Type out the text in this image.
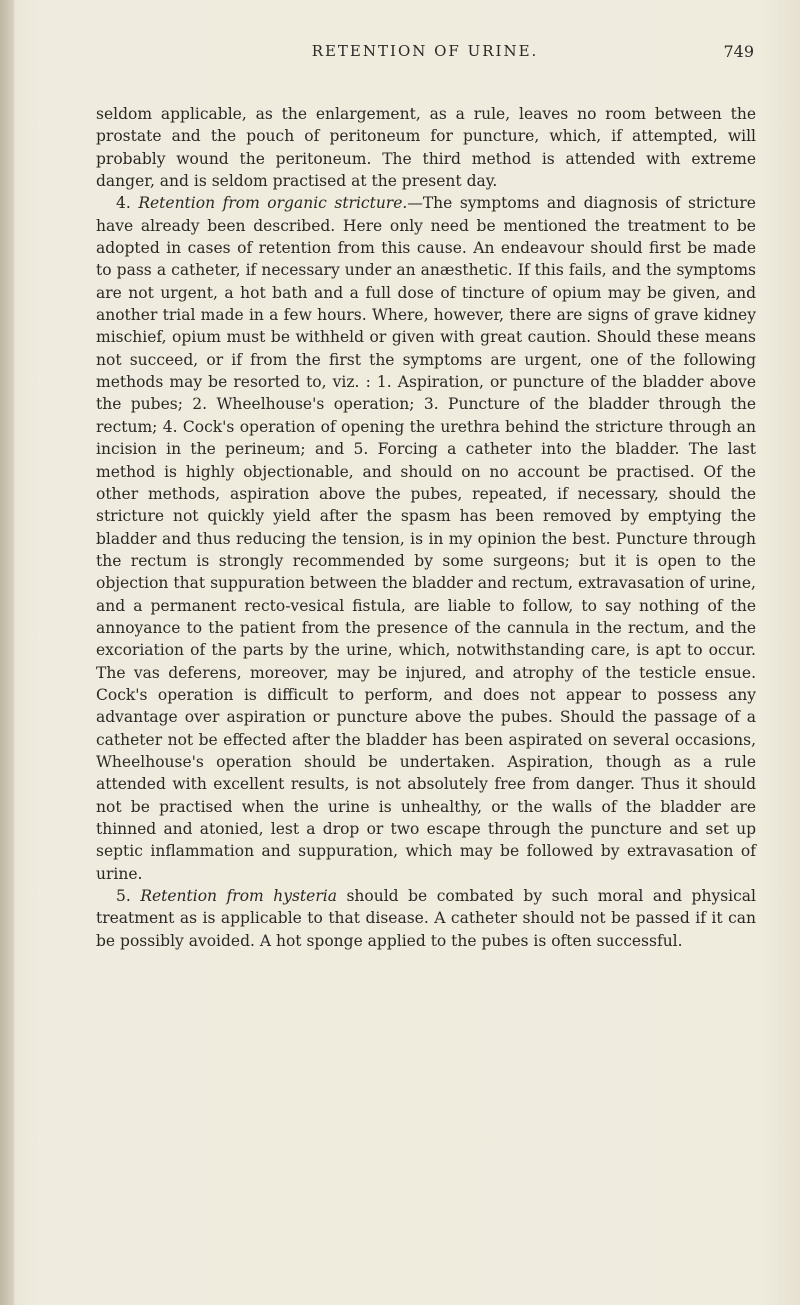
RETENTION OF URINE.	749

seldom applicable, as the enlargement, as a rule, leaves no room between the prostate and the pouch of peritoneum for puncture, which, if attempted, will probably wound the peritoneum. The third method is attended with extreme danger, and is seldom practised at the present day.

4. Retention from organic stricture.—The symptoms and diagnosis of stricture have already been described. Here only need be mentioned the treatment to be adopted in cases of retention from this cause. An endeavour should first be made to pass a catheter, if necessary under an anæsthetic. If this fails, and the symptoms are not urgent, a hot bath and a full dose of tincture of opium may be given, and another trial made in a few hours. Where, however, there are signs of grave kidney mischief, opium must be withheld or given with great caution. Should these means not succeed, or if from the first the symptoms are urgent, one of the following methods may be resorted to, viz. : 1. Aspiration, or puncture of the bladder above the pubes; 2. Wheelhouse's operation; 3. Puncture of the bladder through the rectum; 4. Cock's operation of opening the urethra behind the stricture through an incision in the perineum; and 5. Forcing a catheter into the bladder. The last method is highly objectionable, and should on no account be practised. Of the other methods, aspiration above the pubes, repeated, if necessary, should the stricture not quickly yield after the spasm has been removed by emptying the bladder and thus reducing the tension, is in my opinion the best. Puncture through the rectum is strongly recommended by some surgeons; but it is open to the objection that suppuration between the bladder and rectum, extravasation of urine, and a permanent recto-vesical fistula, are liable to follow, to say nothing of the annoyance to the patient from the presence of the cannula in the rectum, and the excoriation of the parts by the urine, which, notwithstanding care, is apt to occur. The vas deferens, moreover, may be injured, and atrophy of the testicle ensue. Cock's operation is difficult to perform, and does not appear to possess any advantage over aspiration or puncture above the pubes. Should the passage of a catheter not be effected after the bladder has been aspirated on several occasions, Wheelhouse's operation should be undertaken. Aspiration, though as a rule attended with excellent results, is not absolutely free from danger. Thus it should not be practised when the urine is unhealthy, or the walls of the bladder are thinned and atonied, lest a drop or two escape through the puncture and set up septic inflammation and suppuration, which may be followed by extravasation of urine.

5. Retention from hysteria should be combated by such moral and physical treatment as is applicable to that disease. A catheter should not be passed if it can be possibly avoided. A hot sponge applied to the pubes is often successful.
